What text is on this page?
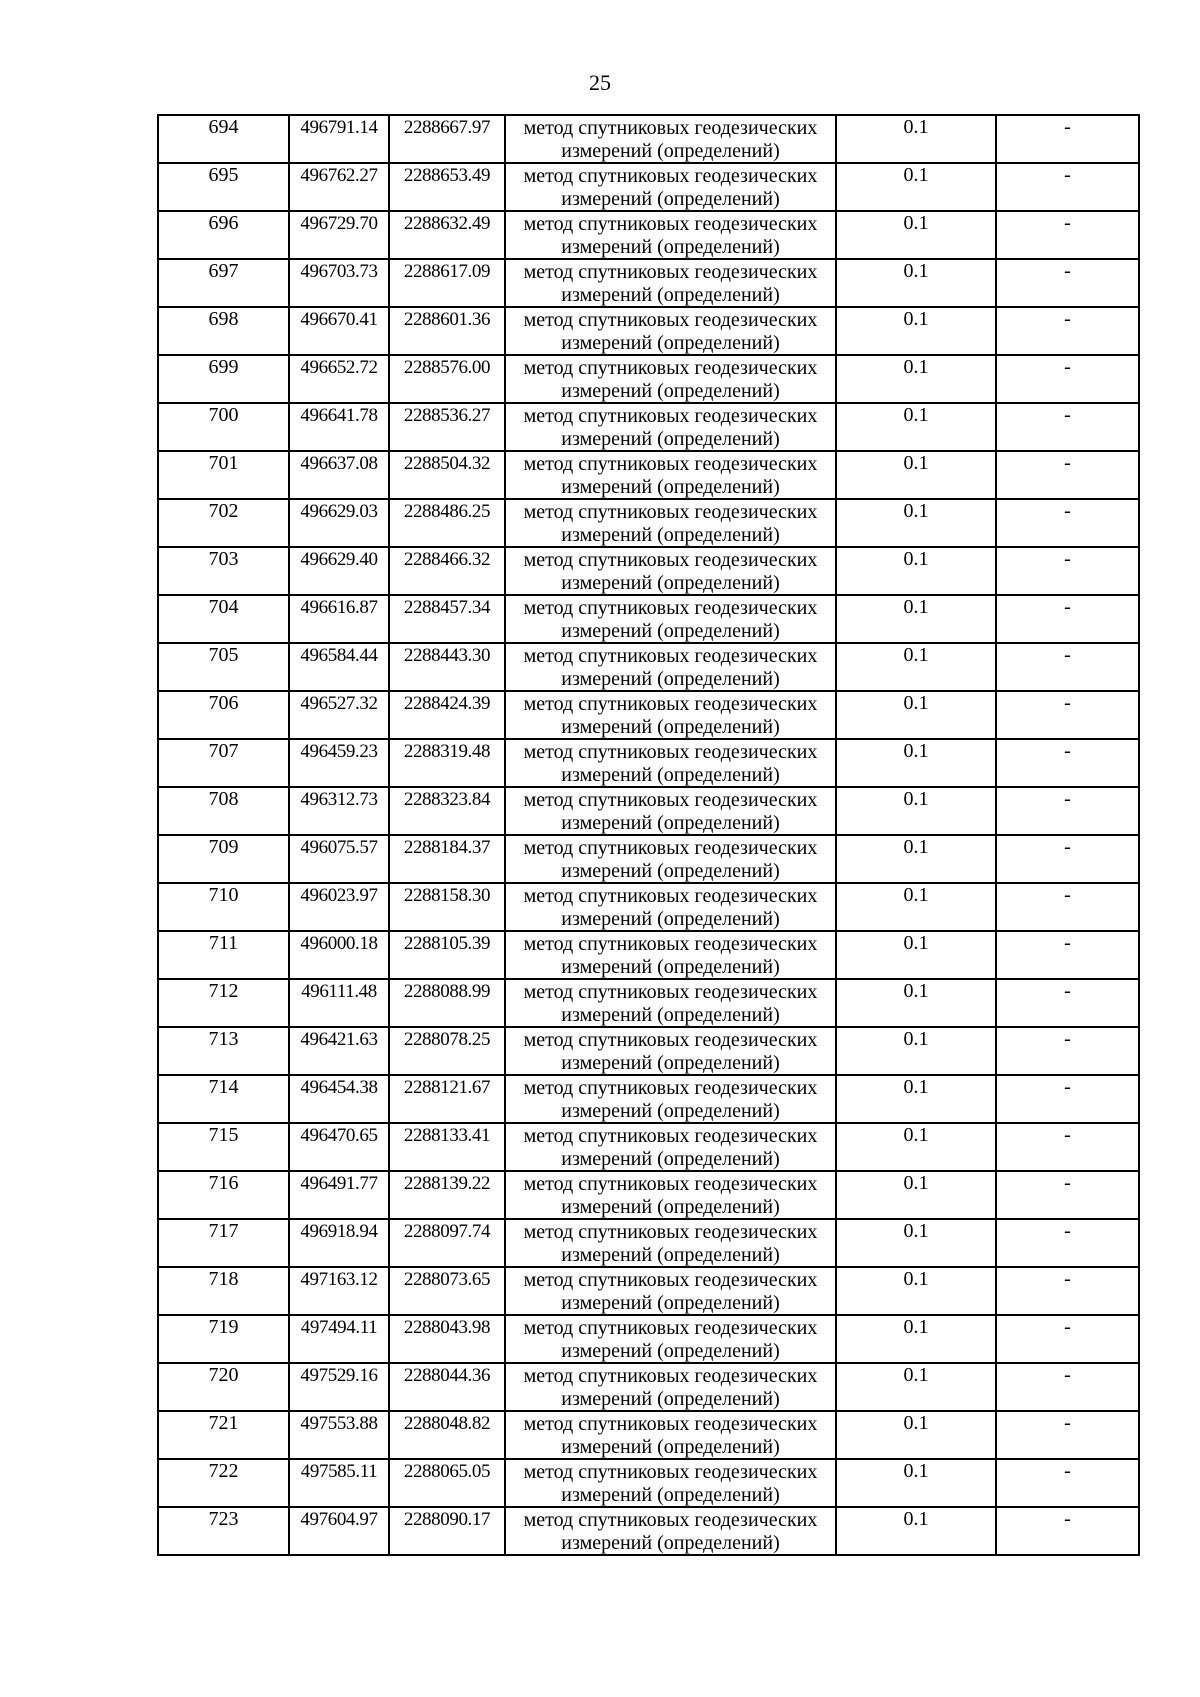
25
694	496791.14	2288667.97	метод спутниковых геодезических
измерений (определений)	0.1	-
695	496762.27	2288653.49	метод спутниковых геодезических
измерений (определений)	0.1	-
696	496729.70	2288632.49	метод спутниковых геодезических
измерений (определений)	0.1	-
697	496703.73	2288617.09	метод спутниковых геодезических
измерений (определений)	0.1	-
698	496670.41	2288601.36	метод спутниковых геодезических
измерений (определений)	0.1	-
699	496652.72	2288576.00	метод спутниковых геодезических
измерений (определений)	0.1	-
700	496641.78	2288536.27	метод спутниковых геодезических
измерений (определений)	0.1	-
701	496637.08	2288504.32	метод спутниковых геодезических
измерений (определений)	0.1	-
702	496629.03	2288486.25	метод спутниковых геодезических
измерений (определений)	0.1	-
703	496629.40	2288466.32	метод спутниковых геодезических
измерений (определений)	0.1	-
704	496616.87	2288457.34	метод спутниковых геодезических
измерений (определений)	0.1	-
705	496584.44	2288443.30	метод спутниковых геодезических
измерений (определений)	0.1	-
706	496527.32	2288424.39	метод спутниковых геодезических
измерений (определений)	0.1	-
707	496459.23	2288319.48	метод спутниковых геодезических
измерений (определений)	0.1	-
708	496312.73	2288323.84	метод спутниковых геодезических
измерений (определений)	0.1	-
709	496075.57	2288184.37	метод спутниковых геодезических
измерений (определений)	0.1	-
710	496023.97	2288158.30	метод спутниковых геодезических
измерений (определений)	0.1	-
711	496000.18	2288105.39	метод спутниковых геодезических
измерений (определений)	0.1	-
712	496111.48	2288088.99	метод спутниковых геодезических
измерений (определений)	0.1	-
713	496421.63	2288078.25	метод спутниковых геодезических
измерений (определений)	0.1	-
714	496454.38	2288121.67	метод спутниковых геодезических
измерений (определений)	0.1	-
715	496470.65	2288133.41	метод спутниковых геодезических
измерений (определений)	0.1	-
716	496491.77	2288139.22	метод спутниковых геодезических
измерений (определений)	0.1	-
717	496918.94	2288097.74	метод спутниковых геодезических
измерений (определений)	0.1	-
718	497163.12	2288073.65	метод спутниковых геодезических
измерений (определений)	0.1	-
719	497494.11	2288043.98	метод спутниковых геодезических
измерений (определений)	0.1	-
720	497529.16	2288044.36	метод спутниковых геодезических
измерений (определений)	0.1	-
721	497553.88	2288048.82	метод спутниковых геодезических
измерений (определений)	0.1	-
722	497585.11	2288065.05	метод спутниковых геодезических
измерений (определений)	0.1	-
723	497604.97	2288090.17	метод спутниковых геодезических
измерений (определений)	0.1	-
